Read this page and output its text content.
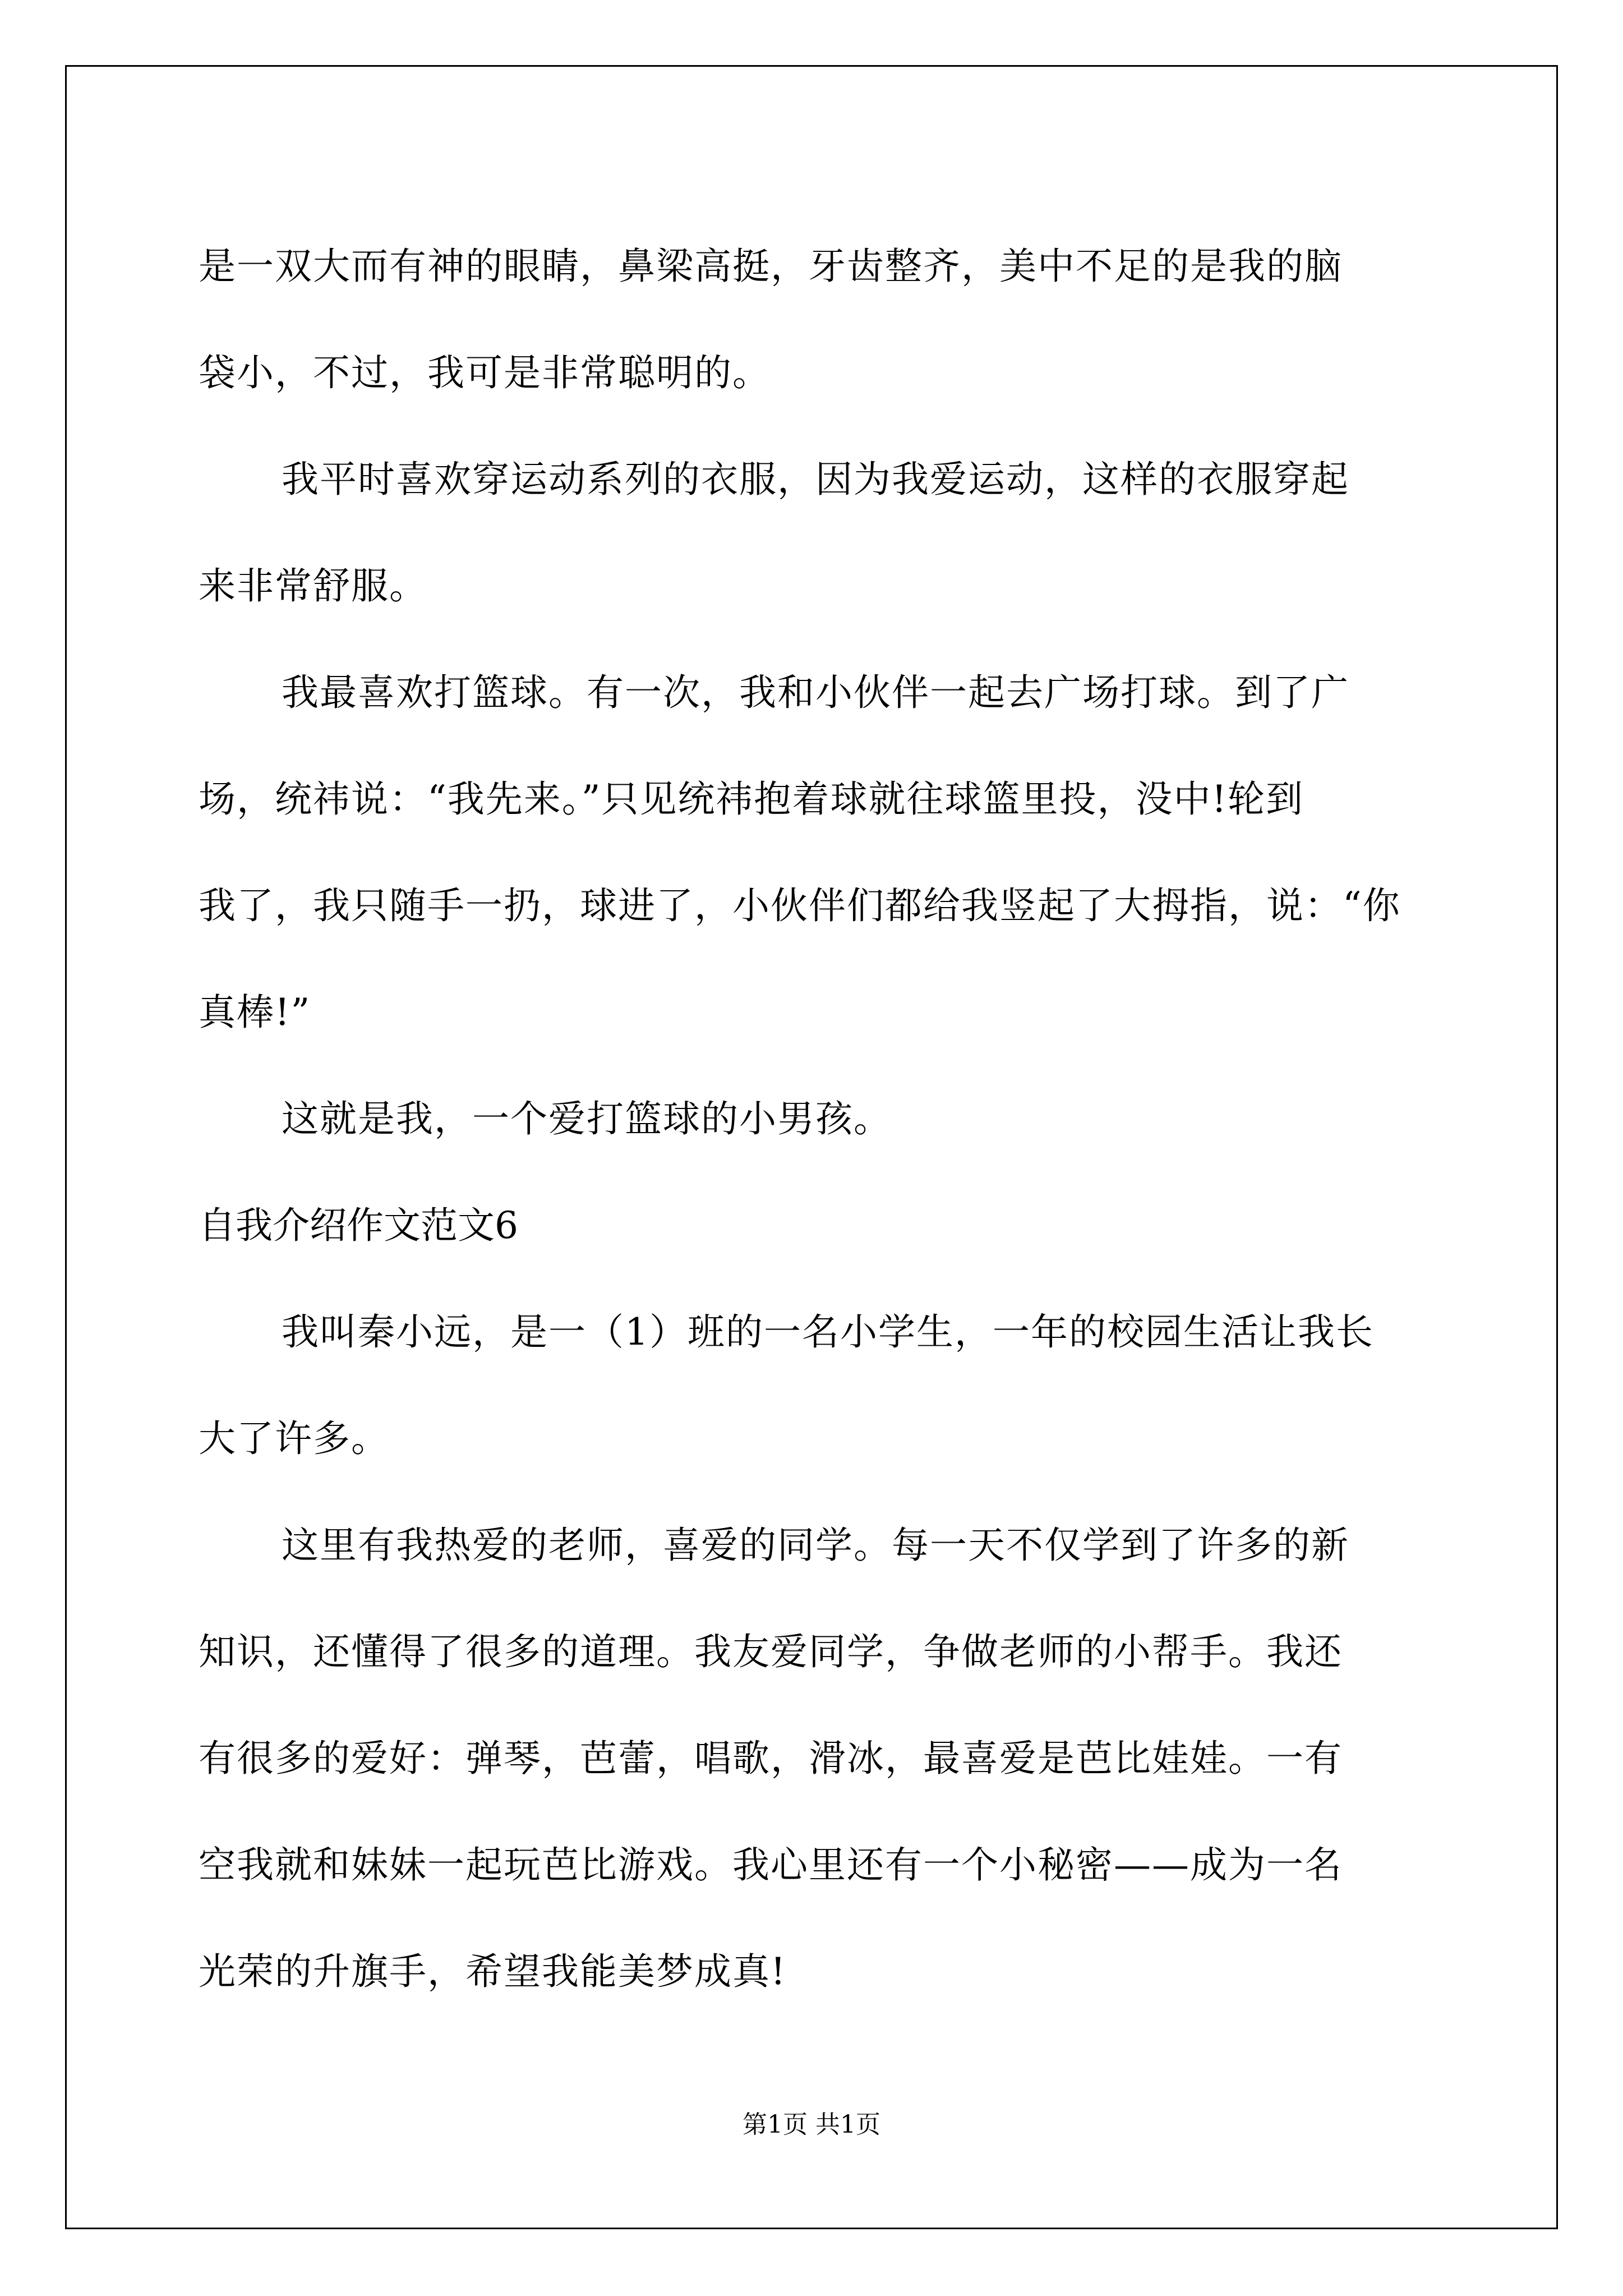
是一双大而有神的眼睛，鼻梁高挺，牙齿整齐，美中不足的是我的脑
袋小，不过，我可是非常聪明的。
我平时喜欢穿运动系列的衣服，因为我爱运动，这样的衣服穿起
来非常舒服。
我最喜欢打篮球。有一次，我和小伙伴一起去广场打球。到了广
场，统祎说：“我先来。”只见统祎抱着球就往球篮里投，没中!轮到
我了，我只随手一扔，球进了，小伙伴们都给我竖起了大拇指，说：“你
真棒!”
这就是我，一个爱打篮球的小男孩。
自我介绍作文范文6
我叫秦小远，是一（1）班的一名小学生，一年的校园生活让我长
大了许多。
这里有我热爱的老师，喜爱的同学。每一天不仅学到了许多的新
知识，还懂得了很多的道理。我友爱同学，争做老师的小帮手。我还
有很多的爱好：弹琴，芭蕾，唱歌，滑冰，最喜爱是芭比娃娃。一有
空我就和妹妹一起玩芭比游戏。我心里还有一个小秘密——成为一名
光荣的升旗手，希望我能美梦成真!
第1页 共1页
